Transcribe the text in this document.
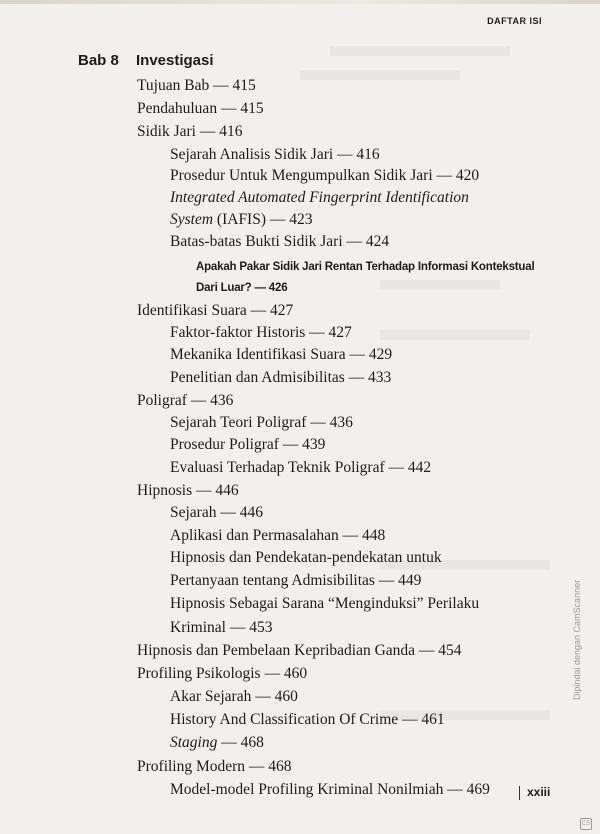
DAFTAR ISI
Bab 8 Investigasi
Tujuan Bab — 415
Pendahuluan — 415
Sidik Jari — 416
Sejarah Analisis Sidik Jari — 416
Prosedur Untuk Mengumpulkan Sidik Jari — 420
Integrated Automated Fingerprint Identification
System (IAFIS) — 423
Batas-batas Bukti Sidik Jari — 424
Apakah Pakar Sidik Jari Rentan Terhadap Informasi Kontekstual
Dari Luar? — 426
Identifikasi Suara — 427
Faktor-faktor Historis — 427
Mekanika Identifikasi Suara — 429
Penelitian dan Admisibilitas — 433
Poligraf — 436
Sejarah Teori Poligraf — 436
Prosedur Poligraf — 439
Evaluasi Terhadap Teknik Poligraf — 442
Hipnosis — 446
Sejarah — 446
Aplikasi dan Permasalahan — 448
Hipnosis dan Pendekatan-pendekatan untuk
Pertanyaan tentang Admisibilitas — 449
Hipnosis Sebagai Sarana “Menginduksi” Perilaku
Kriminal — 453
Hipnosis dan Pembelaan Kepribadian Ganda — 454
Profiling Psikologis — 460
Akar Sejarah — 460
History And Classification Of Crime — 461
Staging — 468
Profiling Modern — 468
Model-model Profiling Kriminal Nonilmiah — 469	xxiii
Dipindai dengan CamScanner
CS
